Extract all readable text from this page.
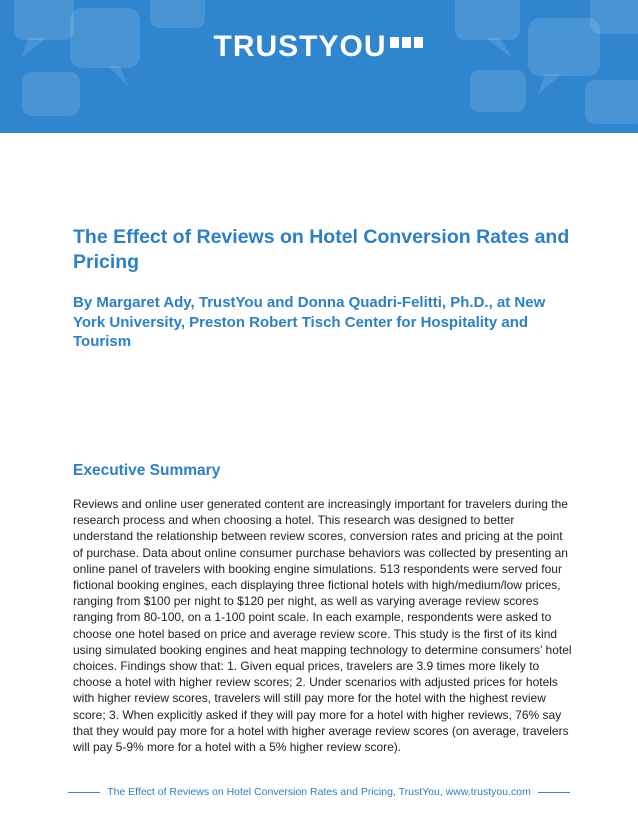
TRUSTYOU
The Effect of Reviews on Hotel Conversion Rates and Pricing

By Margaret Ady, TrustYou and Donna Quadri-Felitti, Ph.D., at New York University, Preston Robert Tisch Center for Hospitality and Tourism

Executive Summary

Reviews and online user generated content are increasingly important for travelers during the research process and when choosing a hotel. This research was designed to better understand the relationship between review scores, conversion rates and pricing at the point of purchase. Data about online consumer purchase behaviors was collected by presenting an online panel of travelers with booking engine simulations. 513 respondents were served four fictional booking engines, each displaying three fictional hotels with high/medium/low prices, ranging from $100 per night to $120 per night, as well as varying average review scores ranging from 80-100, on a 1-100 point scale. In each example, respondents were asked to choose one hotel based on price and average review score. This study is the first of its kind using simulated booking engines and heat mapping technology to determine consumers’ hotel choices. Findings show that: 1. Given equal prices, travelers are 3.9 times more likely to choose a hotel with higher review scores; 2. Under scenarios with adjusted prices for hotels with higher review scores, travelers will still pay more for the hotel with the highest review score; 3. When explicitly asked if they will pay more for a hotel with higher reviews, 76% say that they would pay more for a hotel with higher average review scores (on average, travelers will pay 5-9% more for a hotel with a 5% higher review score).

The Effect of Reviews on Hotel Conversion Rates and Pricing, TrustYou, www.trustyou.com
